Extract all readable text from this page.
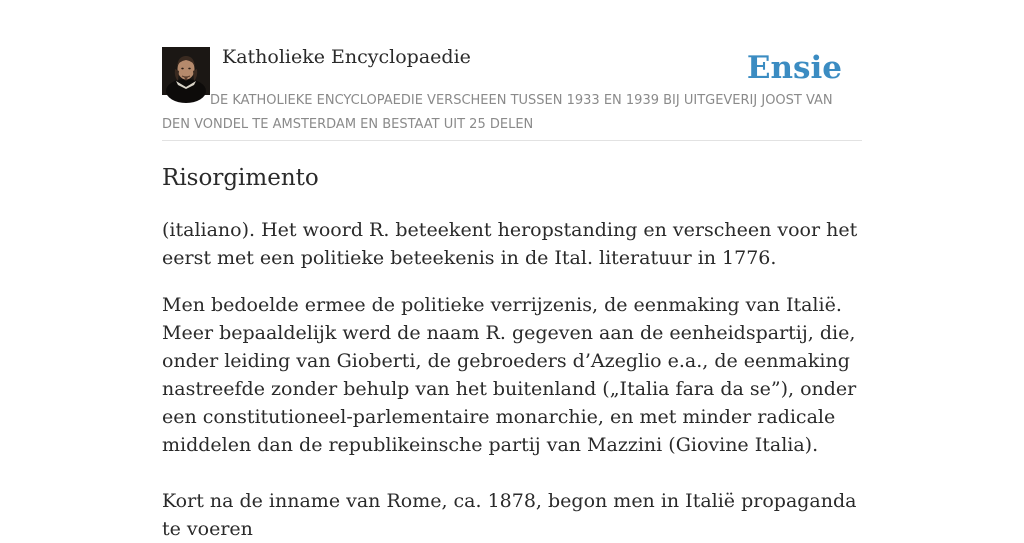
Katholieke Encyclopaedie	Ensie

DE KATHOLIEKE ENCYCLOPAEDIE VERSCHEEN TUSSEN 1933 EN 1939 BIJ UITGEVERIJ JOOST VAN DEN VONDEL TE AMSTERDAM EN BESTAAT UIT 25 DELEN

Risorgimento

(italiano). Het woord R. beteekent heropstanding en verscheen voor het eerst met een politieke beteekenis in de Ital. literatuur in 1776.

Men bedoelde ermee de politieke verrijzenis, de eenmaking van Italië. Meer bepaaldelijk werd de naam R. gegeven aan de eenheidspartij, die, onder leiding van Gioberti, de gebroeders d’Azeglio e.a., de eenmaking nastreefde zonder behulp van het buitenland („Italia fara da se”), onder een constitutioneel-parlementaire monarchie, en met minder radicale middelen dan de republikeinsche partij van Mazzini (Giovine Italia).

Kort na de inname van Rome, ca. 1878, begon men in Italië propaganda te voeren
